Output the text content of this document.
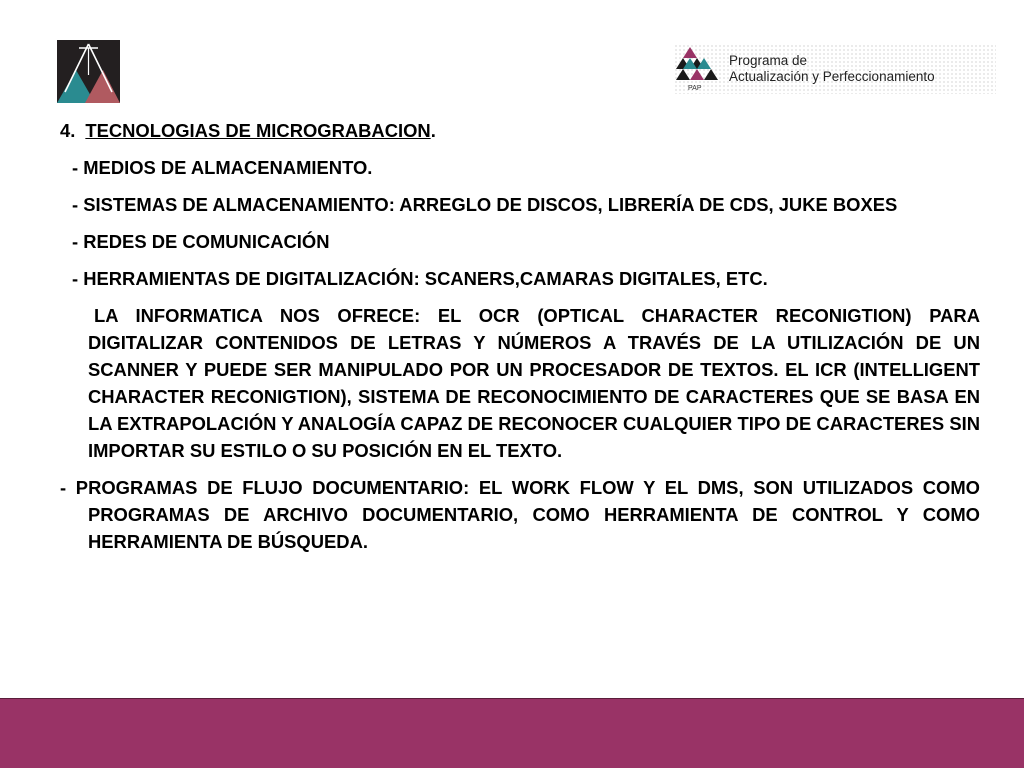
PAP
Programa de
Actualización y Perfeccionamiento
4. TECNOLOGIAS DE MICROGRABACION.
- MEDIOS DE ALMACENAMIENTO.
- SISTEMAS DE ALMACENAMIENTO: ARREGLO DE DISCOS, LIBRERÍA DE CDS, JUKE BOXES
- REDES DE COMUNICACIÓN
- HERRAMIENTAS DE DIGITALIZACIÓN: SCANERS,CAMARAS DIGITALES, ETC.
LA INFORMATICA NOS OFRECE: EL OCR (OPTICAL CHARACTER RECONIGTION) PARA DIGITALIZAR CONTENIDOS DE LETRAS Y NÚMEROS A TRAVÉS DE LA UTILIZACIÓN DE UN SCANNER Y PUEDE SER MANIPULADO POR UN PROCESADOR DE TEXTOS. EL ICR (INTELLIGENT CHARACTER RECONIGTION), SISTEMA DE RECONOCIMIENTO DE CARACTERES QUE SE BASA EN LA EXTRAPOLACIÓN Y ANALOGÍA CAPAZ DE RECONOCER CUALQUIER TIPO DE CARACTERES SIN IMPORTAR SU ESTILO O SU POSICIÓN EN EL TEXTO.
- PROGRAMAS DE FLUJO DOCUMENTARIO: EL WORK FLOW Y EL DMS, SON UTILIZADOS COMO PROGRAMAS DE ARCHIVO DOCUMENTARIO, COMO HERRAMIENTA DE CONTROL Y COMO HERRAMIENTA DE BÚSQUEDA.
